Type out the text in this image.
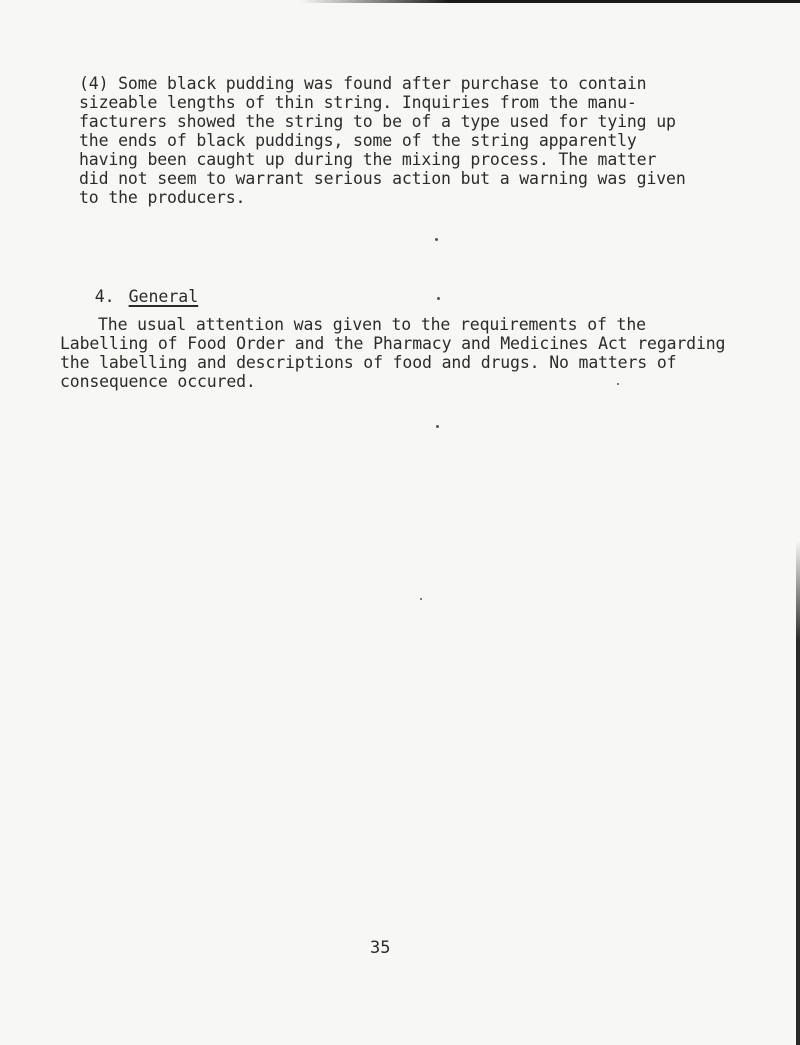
(4) Some black pudding was found after purchase to contain
sizeable lengths of thin string. Inquiries from the manu-
facturers showed the string to be of a type used for tying up
the ends of black puddings, some of the string apparently
having been caught up during the mixing process. The matter
did not seem to warrant serious action but a warning was given
to the producers.

4. General

The usual attention was given to the requirements of the
Labelling of Food Order and the Pharmacy and Medicines Act regarding
the labelling and descriptions of food and drugs. No matters of
consequence occured.
35
